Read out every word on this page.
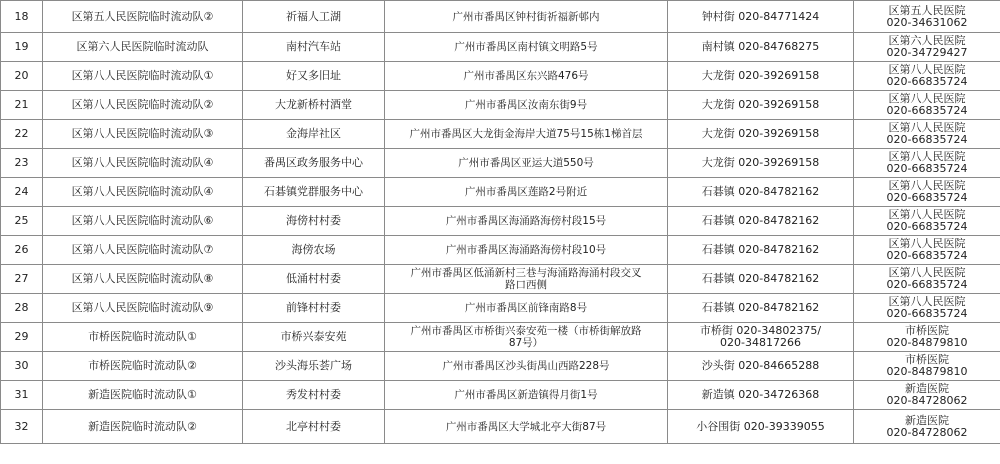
18	区第五人民医院临时流动队②	祈福人工湖	广州市番禺区钟村街祈福新邨内	钟村街 020-84771424	区第五人民医院
020-34631062
19	区第六人民医院临时流动队	南村汽车站	广州市番禺区南村镇文明路5号	南村镇 020-84768275	区第六人民医院
020-34729427
20	区第八人民医院临时流动队①	好又多旧址	广州市番禺区东兴路476号	大龙街 020-39269158	区第八人民医院
020-66835724
21	区第八人民医院临时流动队②	大龙新桥村酒堂	广州市番禺区汝南东街9号	大龙街 020-39269158	区第八人民医院
020-66835724
22	区第八人民医院临时流动队③	金海岸社区	广州市番禺区大龙街金海岸大道75号15栋1梯首层	大龙街 020-39269158	区第八人民医院
020-66835724
23	区第八人民医院临时流动队④	番禺区政务服务中心	广州市番禺区亚运大道550号	大龙街 020-39269158	区第八人民医院
020-66835724
24	区第八人民医院临时流动队④	石碁镇党群服务中心	广州市番禺区莲路2号附近	石碁镇 020-84782162	区第八人民医院
020-66835724
25	区第八人民医院临时流动队⑥	海傍村村委	广州市番禺区海涌路海傍村段15号	石碁镇 020-84782162	区第八人民医院
020-66835724
26	区第八人民医院临时流动队⑦	海傍农场	广州市番禺区海涌路海傍村段10号	石碁镇 020-84782162	区第八人民医院
020-66835724
27	区第八人民医院临时流动队⑧	低涌村村委	广州市番禺区低涌新村三巷与海涌路海涌村段交叉
路口西侧	石碁镇 020-84782162	区第八人民医院
020-66835724
28	区第八人民医院临时流动队⑨	前锋村村委	广州市番禺区前锋南路8号	石碁镇 020-84782162	区第八人民医院
020-66835724
29	市桥医院临时流动队①	市桥兴泰安苑	广州市番禺区市桥街兴泰安苑一楼（市桥街解放路
87号）	市桥街 020-34802375/
020-34817266	市桥医院
020-84879810
30	市桥医院临时流动队②	沙头海乐荟广场	广州市番禺区沙头街禺山西路228号	沙头街 020-84665288	市桥医院
020-84879810
31	新造医院临时流动队①	秀发村村委	广州市番禺区新造镇得月街1号	新造镇 020-34726368	新造医院
020-84728062
32	新造医院临时流动队②	北亭村村委	广州市番禺区大学城北亭大街87号	小谷围街 020-39339055	新造医院
020-84728062
